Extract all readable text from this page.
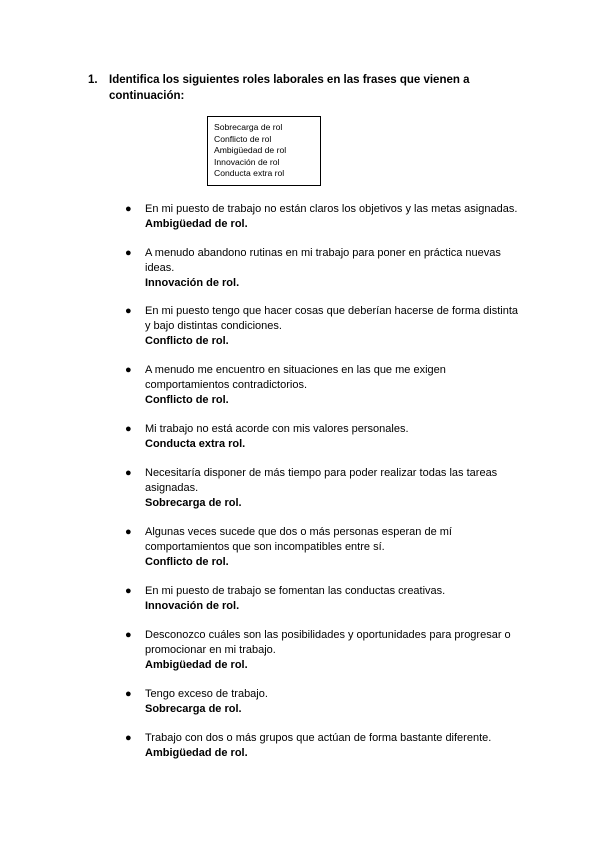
1. Identifica los siguientes roles laborales en las frases que vienen a continuación:
Sobrecarga de rol
Conflicto de rol
Ambigüedad de rol
Innovación de rol
Conducta extra rol
● En mi puesto de trabajo no están claros los objetivos y las metas asignadas.
Ambigüedad de rol.
● A menudo abandono rutinas en mi trabajo para poner en práctica nuevas ideas.
Innovación de rol.
● En mi puesto tengo que hacer cosas que deberían hacerse de forma distinta y bajo distintas condiciones.
Conflicto de rol.
● A menudo me encuentro en situaciones en las que me exigen comportamientos contradictorios.
Conflicto de rol.
● Mi trabajo no está acorde con mis valores personales.
Conducta extra rol.
● Necesitaría disponer de más tiempo para poder realizar todas las tareas asignadas.
Sobrecarga de rol.
● Algunas veces sucede que dos o más personas esperan de mí comportamientos que son incompatibles entre sí.
Conflicto de rol.
● En mi puesto de trabajo se fomentan las conductas creativas.
Innovación de rol.
● Desconozco cuáles son las posibilidades y oportunidades para progresar o promocionar en mi trabajo.
Ambigüedad de rol.
● Tengo exceso de trabajo.
Sobrecarga de rol.
● Trabajo con dos o más grupos que actúan de forma bastante diferente.
Ambigüedad de rol.
